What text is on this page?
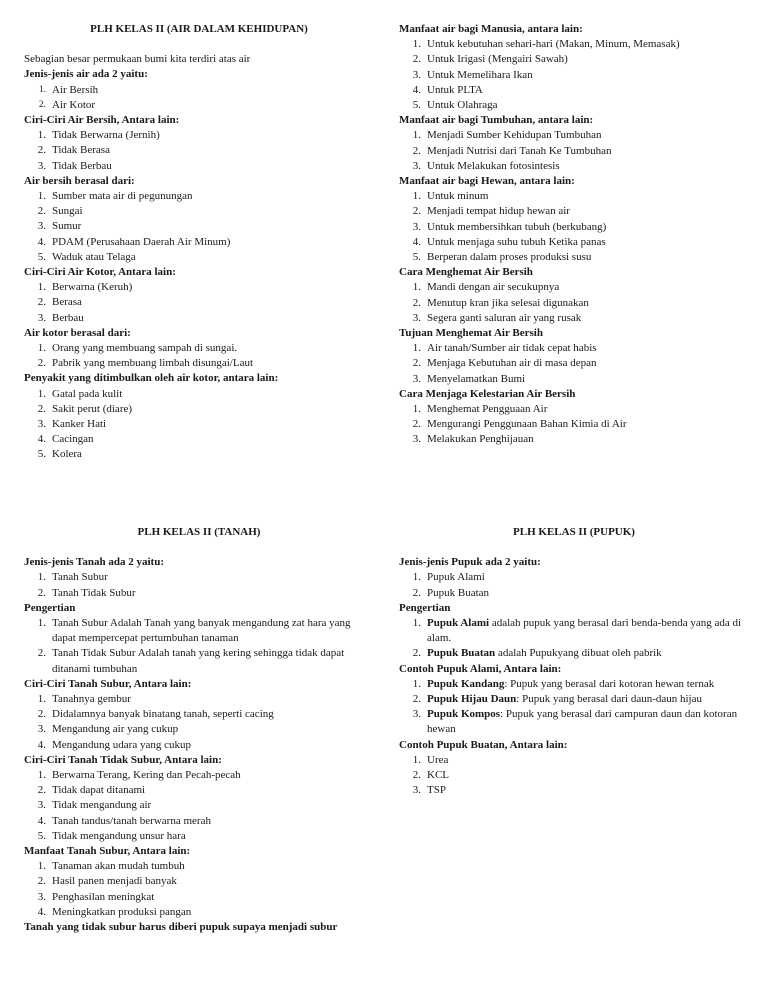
PLH KELAS II (AIR DALAM KEHIDUPAN)
Sebagian besar permukaan bumi kita terdiri atas air
Jenis-jenis air ada 2 yaitu:
1. Air Bersih
2. Air Kotor
Ciri-Ciri Air Bersih, Antara lain:
1. Tidak Berwarna (Jernih)
2. Tidak Berasa
3. Tidak Berbau
Air bersih berasal dari:
1. Sumber mata air di pegunungan
2. Sungai
3. Sumur
4. PDAM (Perusahaan Daerah Air Minum)
5. Waduk atau Telaga
Ciri-Ciri Air Kotor, Antara lain:
1. Berwarna (Keruh)
2. Berasa
3. Berbau
Air kotor berasal dari:
1. Orang yang membuang sampah di sungai.
2. Pabrik yang membuang limbah disungai/Laut
Penyakit yang ditimbulkan oleh air kotor, antara lain:
1. Gatal pada kulit
2. Sakit perut (diare)
3. Kanker Hati
4. Cacingan
5. Kolera
Manfaat air bagi Manusia, antara lain:
1. Untuk kebutuhan sehari-hari (Makan, Minum, Memasak)
2. Untuk Irigasi (Mengairi Sawah)
3. Untuk Memelihara Ikan
4. Untuk PLTA
5. Untuk Olahraga
Manfaat air bagi Tumbuhan, antara lain:
1. Menjadi Sumber Kehidupan Tumbuhan
2. Menjadi Nutrisi dari Tanah Ke Tumbuhan
3. Untuk Melakukan fotosintesis
Manfaat air bagi Hewan, antara lain:
1. Untuk minum
2. Menjadi tempat hidup hewan air
3. Untuk membersihkan tubuh (berkubang)
4. Untuk menjaga suhu tubuh Ketika panas
5. Berperan dalam proses produksi susu
Cara Menghemat Air Bersih
1. Mandi dengan air secukupnya
2. Menutup kran jika selesai digunakan
3. Segera ganti saluran air yang rusak
Tujuan Menghemat Air Bersih
1. Air tanah/Sumber air tidak cepat habis
2. Menjaga Kebutuhan air di masa depan
3. Menyelamatkan Bumi
Cara Menjaga Kelestarian Air Bersih
1. Menghemat Pengguaan Air
2. Mengurangi Penggunaan Bahan Kimia di Air
3. Melakukan Penghijauan
PLH KELAS II (TANAH)
Jenis-jenis Tanah ada 2 yaitu:
1. Tanah Subur
2. Tanah Tidak Subur
Pengertian
1. Tanah Subur Adalah Tanah yang banyak mengandung zat hara yang dapat mempercepat pertumbuhan tanaman
2. Tanah Tidak Subur Adalah tanah yang kering sehingga tidak dapat ditanami tumbuhan
Ciri-Ciri Tanah Subur, Antara lain:
1. Tanahnya gembur
2. Didalamnya banyak binatang tanah, seperti cacing
3. Mengandung air yang cukup
4. Mengandung udara yang cukup
Ciri-Ciri Tanah Tidak Subur, Antara lain:
1. Berwarna Terang, Kering dan Pecah-pecah
2. Tidak dapat ditanami
3. Tidak mengandung air
4. Tanah tandus/tanah berwarna merah
5. Tidak mengandung unsur hara
Manfaat Tanah Subur, Antara lain:
1. Tanaman akan mudah tumbuh
2. Hasil panen menjadi banyak
3. Penghasilan meningkat
4. Meningkatkan produksi pangan
Tanah yang tidak subur harus diberi pupuk supaya menjadi subur
PLH KELAS II (PUPUK)
Jenis-jenis Pupuk ada 2 yaitu:
1. Pupuk Alami
2. Pupuk Buatan
Pengertian
1. Pupuk Alami adalah pupuk yang berasal dari benda-benda yang ada di alam.
2. Pupuk Buatan adalah Pupukyang dibuat oleh pabrik
Contoh Pupuk Alami, Antara lain:
1. Pupuk Kandang: Pupuk yang berasal dari kotoran hewan ternak
2. Pupuk Hijau Daun: Pupuk yang berasal dari daun-daun hijau
3. Pupuk Kompos: Pupuk yang berasal dari campuran daun dan kotoran hewan
Contoh Pupuk Buatan, Antara lain:
1. Urea
2. KCL
3. TSP
